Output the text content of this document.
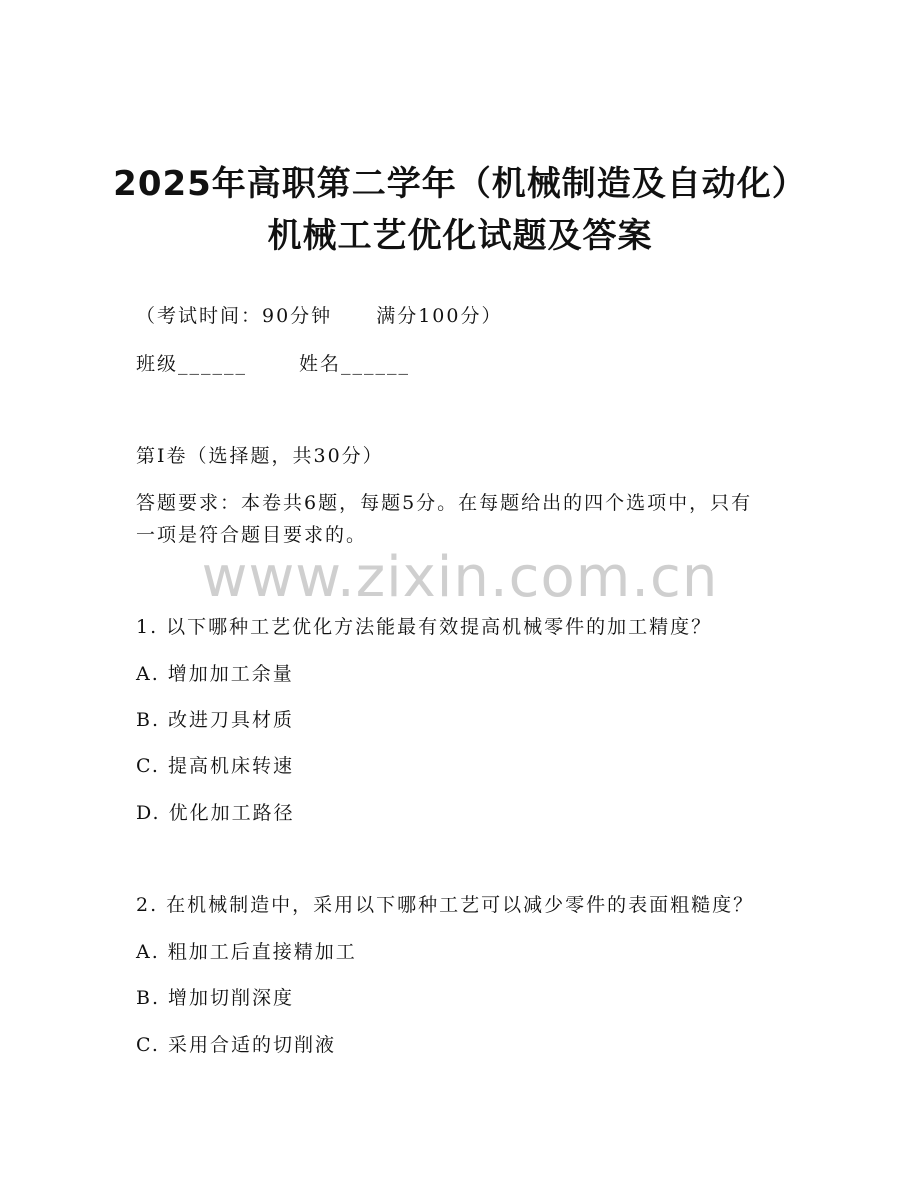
2025年高职第二学年（机械制造及自动化）
机械工艺优化试题及答案
（考试时间：90分钟 满分100分）
班级______	姓名______
第I卷（选择题，共30分）
答题要求：本卷共6题，每题5分。在每题给出的四个选项中，只有
一项是符合题目要求的。
www.zixin.com.cn
1. 以下哪种工艺优化方法能最有效提高机械零件的加工精度？
A. 增加加工余量
B. 改进刀具材质
C. 提高机床转速
D. 优化加工路径
2. 在机械制造中，采用以下哪种工艺可以减少零件的表面粗糙度？
A. 粗加工后直接精加工
B. 增加切削深度
C. 采用合适的切削液
